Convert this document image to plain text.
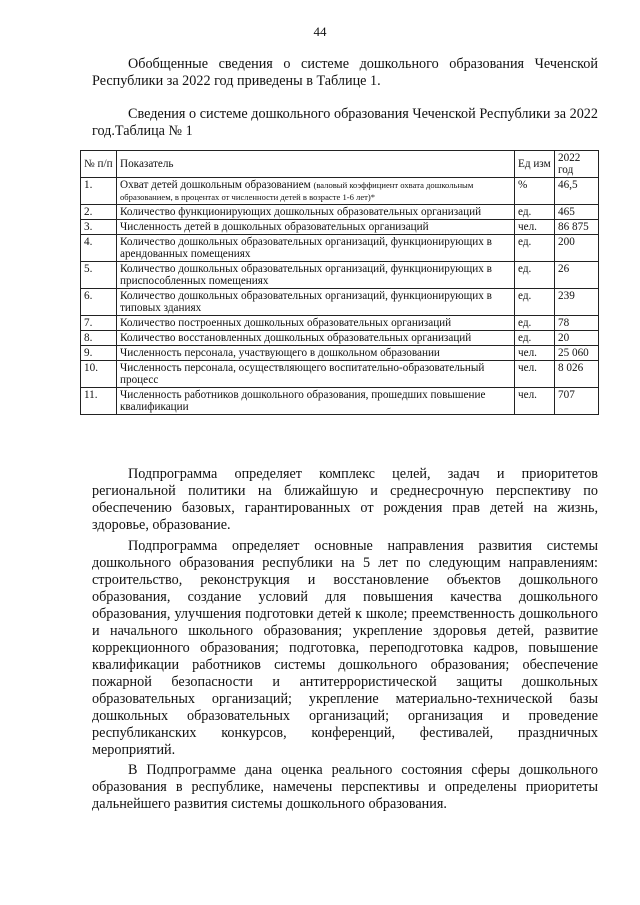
44

Обобщенные сведения о системе дошкольного образования Чеченской Республики за 2022 год приведены в Таблице 1.

Сведения о системе дошкольного образования Чеченской Республики за 2022 год.Таблица № 1

№ п/п	Показатель	Ед изм	2022 год
1.	Охват детей дошкольным образованием (валовый коэффициент охвата дошкольным образованием, в процентах от численности детей в возрасте 1-6 лет)*	%	46,5
2.	Количество функционирующих дошкольных образовательных организаций	ед.	465
3.	Численность детей в дошкольных образовательных организаций	чел.	86 875
4.	Количество дошкольных образовательных организаций, функционирующих в арендованных помещениях	ед.	200
5.	Количество дошкольных образовательных организаций, функционирующих в приспособленных помещениях	ед.	26
6.	Количество дошкольных образовательных организаций, функционирующих в типовых зданиях	ед.	239
7.	Количество построенных дошкольных образовательных организаций	ед.	78
8.	Количество восстановленных дошкольных образовательных организаций	ед.	20
9.	Численность персонала, участвующего в дошкольном образовании	чел.	25 060
10.	Численность персонала, осуществляющего воспитательно-образовательный процесс	чел.	8 026
11.	Численность работников дошкольного образования, прошедших повышение квалификации	чел.	707

Подпрограмма определяет комплекс целей, задач и приоритетов региональной политики на ближайшую и среднесрочную перспективу по обеспечению базовых, гарантированных от рождения прав детей на жизнь, здоровье, образование.

Подпрограмма определяет основные направления развития системы дошкольного образования республики на 5 лет по следующим направлениям: строительство, реконструкция и восстановление объектов дошкольного образования, создание условий для повышения качества дошкольного образования, улучшения подготовки детей к школе; преемственность дошкольного и начального школьного образования; укрепление здоровья детей, развитие коррекционного образования; подготовка, переподготовка кадров, повышение квалификации работников системы дошкольного образования; обеспечение пожарной безопасности и антитеррористической защиты дошкольных образовательных организаций; укрепление материально-технической базы дошкольных образовательных организаций; организация и проведение республиканских конкурсов, конференций, фестивалей, праздничных мероприятий.

В Подпрограмме дана оценка реального состояния сферы дошкольного образования в республике, намечены перспективы и определены приоритеты дальнейшего развития системы дошкольного образования.
